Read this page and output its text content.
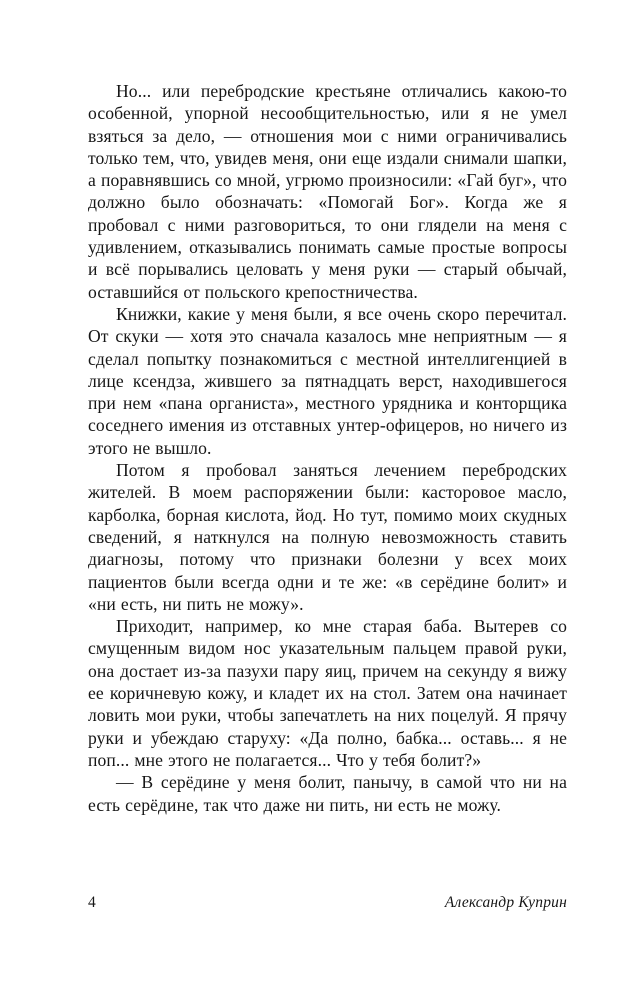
Но... или перебродские крестьяне отличались какою-то особенной, упорной несообщительностью, или я не умел взяться за дело, — отношения мои с ними ограничивались только тем, что, увидев меня, они еще издали снимали шапки, а поравнявшись со мной, угрюмо произносили: «Гай буг», что должно было обозначать: «Помогай Бог». Когда же я пробовал с ними разговориться, то они глядели на меня с удивлением, отказывались понимать самые простые вопросы и всё порывались целовать у меня руки — старый обычай, оставшийся от польского крепостничества.

Книжки, какие у меня были, я все очень скоро перечитал. От скуки — хотя это сначала казалось мне неприятным — я сделал попытку познакомиться с местной интеллигенцией в лице ксендза, жившего за пятнадцать верст, находившегося при нем «пана органиста», местного урядника и конторщика соседнего имения из отставных унтер-офицеров, но ничего из этого не вышло.

Потом я пробовал заняться лечением перебродских жителей. В моем распоряжении были: касторовое масло, карболка, борная кислота, йод. Но тут, помимо моих скудных сведений, я наткнулся на полную невозможность ставить диагнозы, потому что признаки болезни у всех моих пациентов были всегда одни и те же: «в серёдине болит» и «ни есть, ни пить не можу».

Приходит, например, ко мне старая баба. Вытерев со смущенным видом нос указательным пальцем правой руки, она достает из-за пазухи пару яиц, причем на секунду я вижу ее коричневую кожу, и кладет их на стол. Затем она начинает ловить мои руки, чтобы запечатлеть на них поцелуй. Я прячу руки и убеждаю старуху: «Да полно, бабка... оставь... я не поп... мне этого не полагается... Что у тебя болит?»

— В серёдине у меня болит, панычу, в самой что ни на есть серёдине, так что даже ни пить, ни есть не можу.

4	Александр Куприн
